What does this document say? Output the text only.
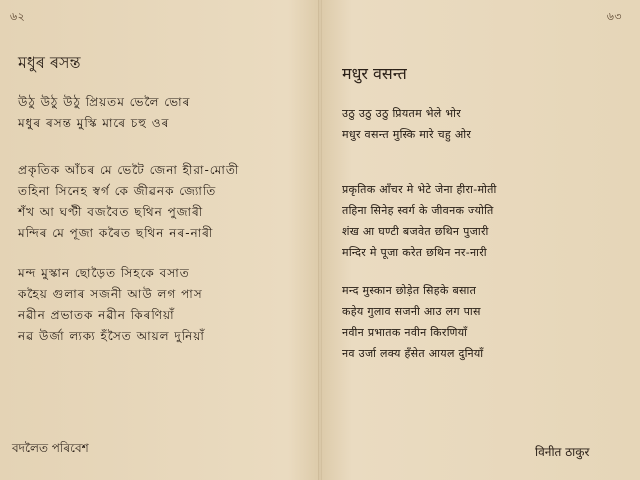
৬২
মধুৰ ৰসন্ত
উঠু উঠু উঠু প্ৰিয়তম ভেলৈ ভোৰ
মধুৰ ৰসন্ত মুস্কি মাৰে চহু ওৰ
প্ৰকৃতিক আঁচৰ মে ভেটৈ জেনা হীরা-মোতী
তহিনা সিনেহ স্বৰ্গ কে জীৱনক জ্যোতি
শঁখ আ ঘণ্টী বজবৈত ছথিন পুজাৰী
মন্দিৰ মে পূজা কৰৈত ছথিন নৰ-নাৰী
মন্দ মুস্কান ছোড়ৈত সিহকে বসাত
কহৈয় গুলাৰ সজনী আউ লগ পাস
নৱীন প্ৰভাতক নৱীন কিৰণিয়াঁ
নৱ উৰ্জা ল্যক্য হঁসৈত আয়ল দুনিয়াঁ
বদলৈত পৰিবেশ
৬৩
मधुर वसन्त
उठु उठु उठु प्रियतम भेले भोर
मधुर वसन्त मुस्कि मारे चहु ओर
प्रकृतिक आँचर मे भेटे जेना हीरा-मोती
तहिना सिनेह स्वर्ग के जीवनक ज्योति
शंख आ घण्टी बजवेत छथिन पुजारी
मन्दिर मे पूजा करेत छथिन नर-नारी
मन्द मुस्कान छोड़ेत सिहके बसात
कहेय गुलाव सजनी आउ लग पास
नवीन प्रभातक नवीन किरणियाँ
नव उर्जा लक्य हँसेत आयल दुनियाँ
विनीत ठाकुर
